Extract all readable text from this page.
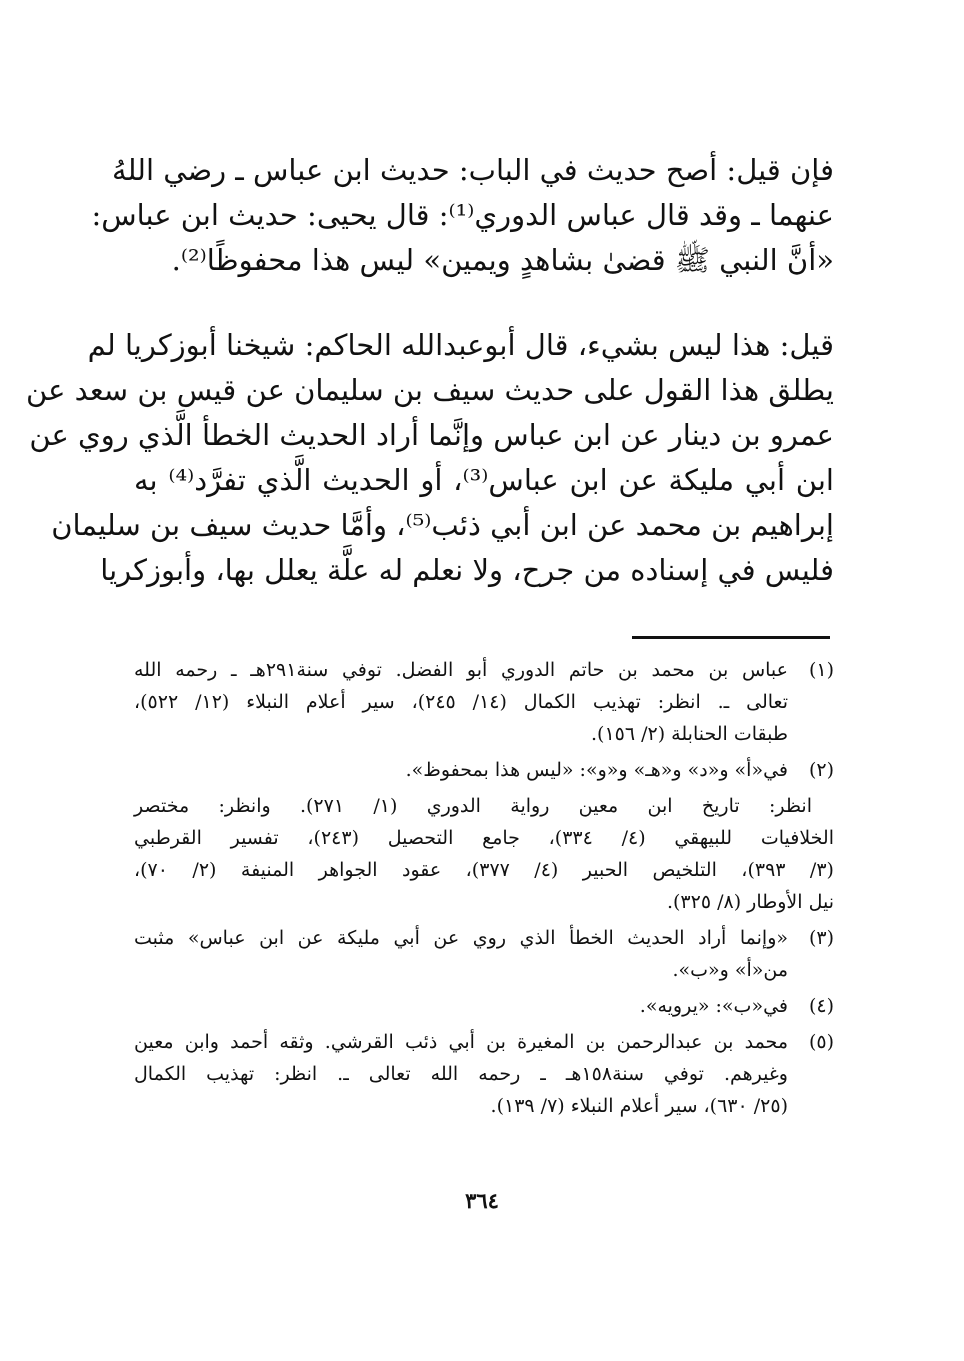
فإن قيل: أصح حديث في الباب: حديث ابن عباس ـ رضي اللهُ
عنهما ـ وقد قال عباس الدوري⁽¹⁾: قال يحيى: حديث ابن عباس:
«أنَّ النبي ﷺ قضىٰ بشاهدٍ ويمين» ليس هذا محفوظًا⁽²⁾.

قيل: هذا ليس بشيء، قال أبوعبدالله الحاكم: شيخنا أبوزكريا لم
يطلق هذا القول على حديث سيف بن سليمان عن قيس بن سعد عن
عمرو بن دينار عن ابن عباس وإنَّما أراد الحديث الخطأ الَّذي روي عن
ابن أبي مليكة عن ابن عباس⁽³⁾، أو الحديث الَّذي تفرَّد⁽⁴⁾ به
إبراهيم بن محمد عن ابن أبي ذئب⁽⁵⁾، وأمَّا حديث سيف بن سليمان
فليس في إسناده من جرح، ولا نعلم له علَّة يعلل بها، وأبوزكريا

(١)
عباس بن محمد بن حاتم الدوري أبو الفضل. توفي سنة٢٩١هـ ـ رحمه الله
تعالى ـ. انظر: تهذيب الكمال (١٤/ ٢٤٥)، سير أعلام النبلاء (١٢/ ٥٢٢)،
طبقات الحنابلة (٢/ ١٥٦).
(٢)
في«أ» و«د» و«هـ» و«و»: «ليس هذا بمحفوظ».
انظر: تاريخ ابن معين رواية الدوري (١/ ٢٧١). وانظر: مختصر
الخلافيات للبيهقي (٤/ ٣٣٤)، جامع التحصيل (٢٤٣)، تفسير القرطبي
(٣/ ٣٩٣)، التلخيص الحبير (٤/ ٣٧٧)، عقود الجواهر المنيفة (٢/ ٧٠)،
نيل الأوطار (٨/ ٣٢٥).
(٣)
«وإنما أراد الحديث الخطأ الذي روي عن أبي مليكة عن ابن عباس» مثبت
من«أ» و«ب».
(٤)
في«ب»: «يرويه».
(٥)
محمد بن عبدالرحمن بن المغيرة بن أبي ذئب القرشي. وثقه أحمد وابن معين
وغيرهم. توفي سنة١٥٨هـ ـ رحمه الله تعالى ـ. انظر: تهذيب الكمال
(٢٥/ ٦٣٠)، سير أعلام النبلاء (٧/ ١٣٩).
٣٦٤
